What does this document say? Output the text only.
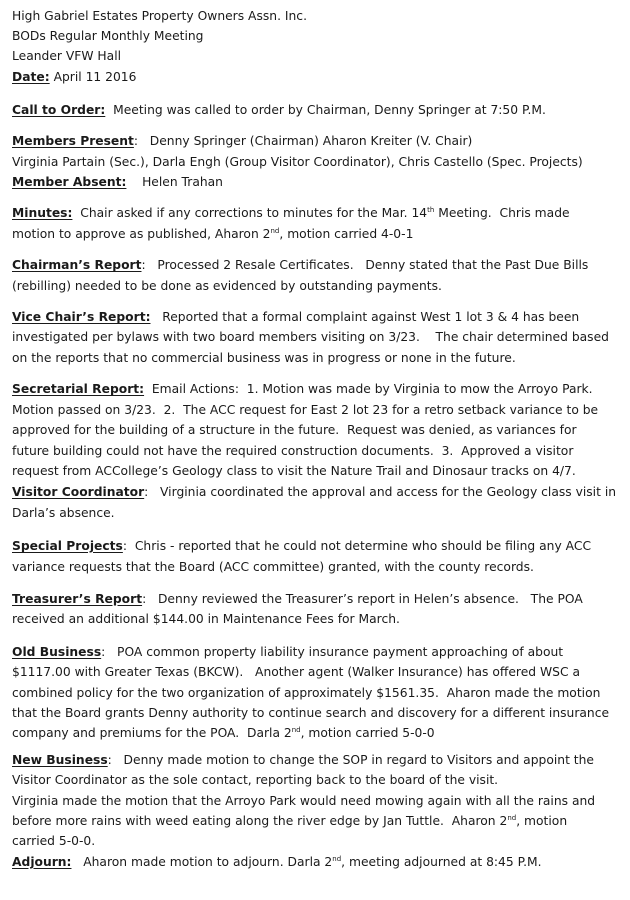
High Gabriel Estates Property Owners Assn. Inc.
BODs Regular Monthly Meeting
Leander VFW Hall
Date: April 11 2016
Call to Order: Meeting was called to order by Chairman, Denny Springer at 7:50 P.M.
Members Present:   Denny Springer (Chairman) Aharon Kreiter (V. Chair)
Virginia Partain (Sec.), Darla Engh (Group Visitor Coordinator), Chris Castello (Spec. Projects)
Member Absent: Helen Trahan
Minutes: Chair asked if any corrections to minutes for the Mar. 14th Meeting.  Chris made
motion to approve as published, Aharon 2nd, motion carried 4-0-1
Chairman’s Report:   Processed 2 Resale Certificates.   Denny stated that the Past Due Bills
(rebilling) needed to be done as evidenced by outstanding payments.
Vice Chair’s Report: Reported that a formal complaint against West 1 lot 3 & 4 has been
investigated per bylaws with two board members visiting on 3/23.    The chair determined based
on the reports that no commercial business was in progress or none in the future.
Secretarial Report: Email Actions:  1. Motion was made by Virginia to mow the Arroyo Park.
Motion passed on 3/23.  2.  The ACC request for East 2 lot 23 for a retro setback variance to be
approved for the building of a structure in the future.  Request was denied, as variances for
future building could not have the required construction documents.  3.  Approved a visitor
request from ACCollege’s Geology class to visit the Nature Trail and Dinosaur tracks on 4/7.
Visitor Coordinator:   Virginia coordinated the approval and access for the Geology class visit in
Darla’s absence.
Special Projects:  Chris - reported that he could not determine who should be filing any ACC
variance requests that the Board (ACC committee) granted, with the county records.
Treasurer’s Report:   Denny reviewed the Treasurer’s report in Helen’s absence.   The POA
received an additional $144.00 in Maintenance Fees for March.
Old Business:   POA common property liability insurance payment approaching of about
$1117.00 with Greater Texas (BKCW).   Another agent (Walker Insurance) has offered WSC a
combined policy for the two organization of approximately $1561.35.  Aharon made the motion
that the Board grants Denny authority to continue search and discovery for a different insurance
company and premiums for the POA.  Darla 2nd, motion carried 5-0-0
New Business:   Denny made motion to change the SOP in regard to Visitors and appoint the
Visitor Coordinator as the sole contact, reporting back to the board of the visit.
Virginia made the motion that the Arroyo Park would need mowing again with all the rains and
before more rains with weed eating along the river edge by Jan Tuttle.  Aharon 2nd, motion
carried 5-0-0.
Adjourn: Aharon made motion to adjourn. Darla 2nd, meeting adjourned at 8:45 P.M.
